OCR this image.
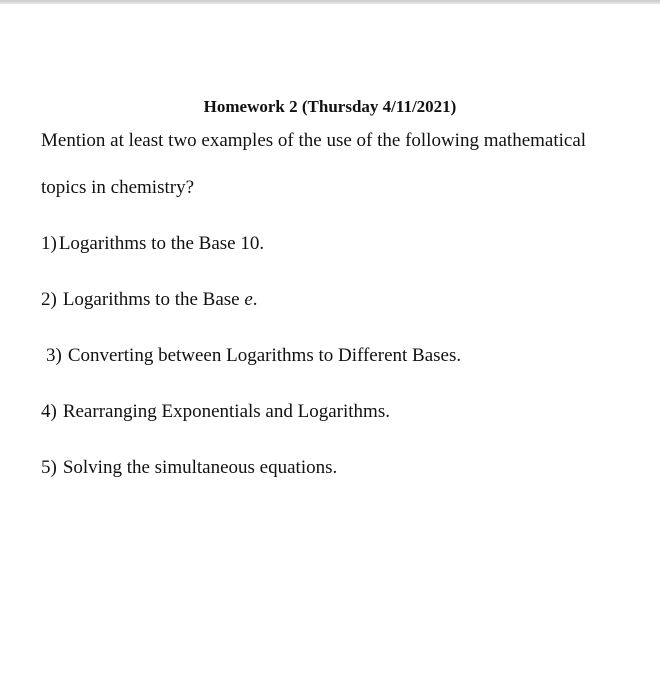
Homework 2 (Thursday 4/11/2021)
Mention at least two examples of the use of the following mathematical
topics in chemistry?
1) Logarithms to the Base 10.
2) Logarithms to the Base e.
3) Converting between Logarithms to Different Bases.
4) Rearranging Exponentials and Logarithms.
5) Solving the simultaneous equations.
